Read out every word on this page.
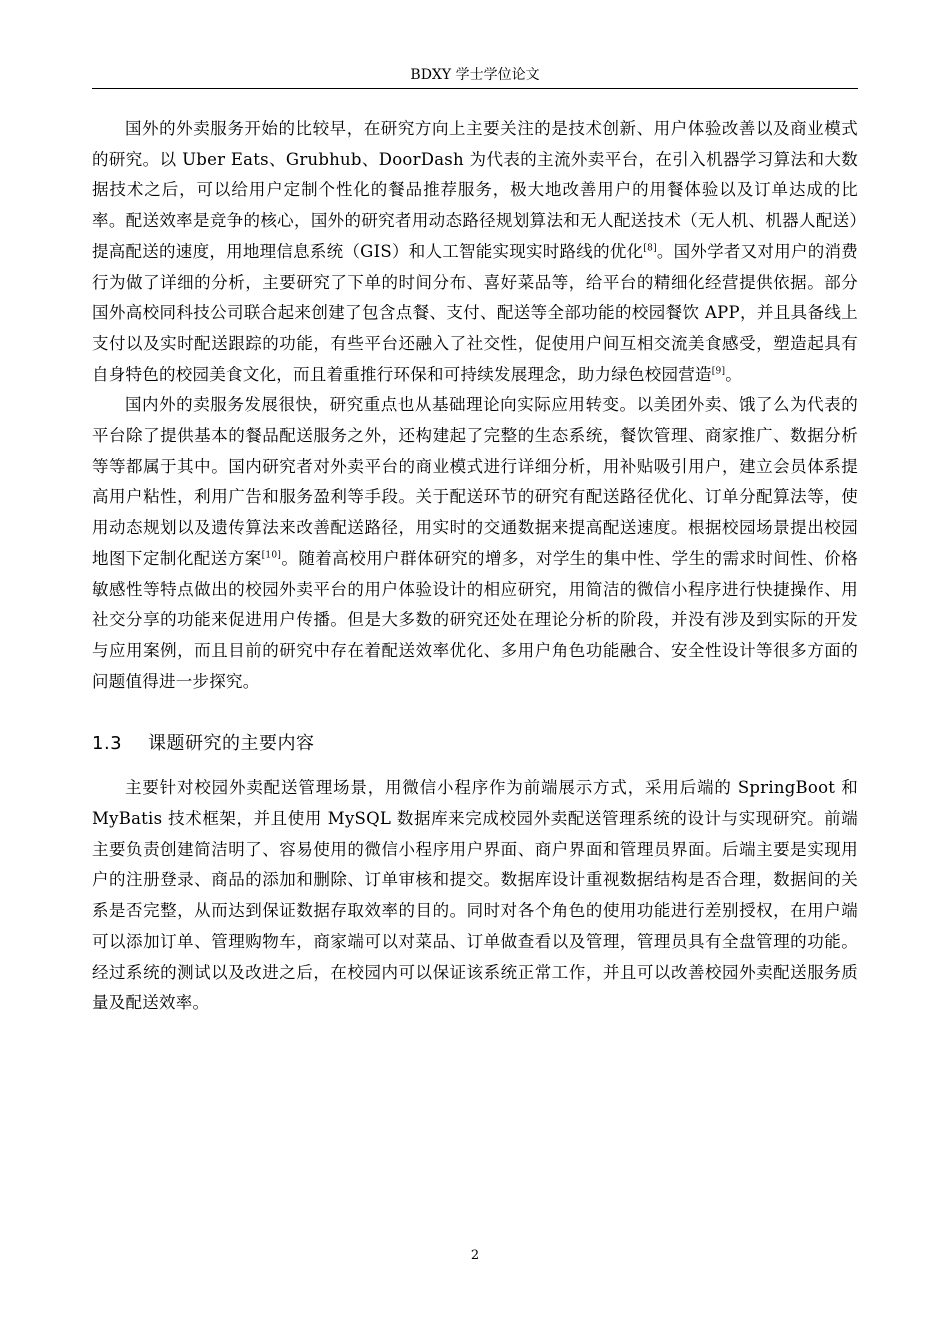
BDXY 学士学位论文

国外的外卖服务开始的比较早，在研究方向上主要关注的是技术创新、用户体验改善以及商业模式的研究。以 Uber Eats、Grubhub、DoorDash 为代表的主流外卖平台，在引入机器学习算法和大数据技术之后，可以给用户定制个性化的餐品推荐服务，极大地改善用户的用餐体验以及订单达成的比率。配送效率是竞争的核心，国外的研究者用动态路径规划算法和无人配送技术（无人机、机器人配送）提高配送的速度，用地理信息系统（GIS）和人工智能实现实时路线的优化[8]。国外学者又对用户的消费行为做了详细的分析，主要研究了下单的时间分布、喜好菜品等，给平台的精细化经营提供依据。部分国外高校同科技公司联合起来创建了包含点餐、支付、配送等全部功能的校园餐饮 APP，并且具备线上支付以及实时配送跟踪的功能，有些平台还融入了社交性，促使用户间互相交流美食感受，塑造起具有自身特色的校园美食文化，而且着重推行环保和可持续发展理念，助力绿色校园营造[9]。

国内外的卖服务发展很快，研究重点也从基础理论向实际应用转变。以美团外卖、饿了么为代表的平台除了提供基本的餐品配送服务之外，还构建起了完整的生态系统，餐饮管理、商家推广、数据分析等等都属于其中。国内研究者对外卖平台的商业模式进行详细分析，用补贴吸引用户，建立会员体系提高用户粘性，利用广告和服务盈利等手段。关于配送环节的研究有配送路径优化、订单分配算法等，使用动态规划以及遗传算法来改善配送路径，用实时的交通数据来提高配送速度。根据校园场景提出校园地图下定制化配送方案[10]。随着高校用户群体研究的增多，对学生的集中性、学生的需求时间性、价格敏感性等特点做出的校园外卖平台的用户体验设计的相应研究，用简洁的微信小程序进行快捷操作、用社交分享的功能来促进用户传播。但是大多数的研究还处在理论分析的阶段，并没有涉及到实际的开发与应用案例，而且目前的研究中存在着配送效率优化、多用户角色功能融合、安全性设计等很多方面的问题值得进一步探究。

1.3 课题研究的主要内容

主要针对校园外卖配送管理场景，用微信小程序作为前端展示方式，采用后端的 SpringBoot 和 MyBatis 技术框架，并且使用 MySQL 数据库来完成校园外卖配送管理系统的设计与实现研究。前端主要负责创建简洁明了、容易使用的微信小程序用户界面、商户界面和管理员界面。后端主要是实现用户的注册登录、商品的添加和删除、订单审核和提交。数据库设计重视数据结构是否合理，数据间的关系是否完整，从而达到保证数据存取效率的目的。同时对各个角色的使用功能进行差别授权，在用户端可以添加订单、管理购物车，商家端可以对菜品、订单做查看以及管理，管理员具有全盘管理的功能。经过系统的测试以及改进之后，在校园内可以保证该系统正常工作，并且可以改善校园外卖配送服务质量及配送效率。

2
